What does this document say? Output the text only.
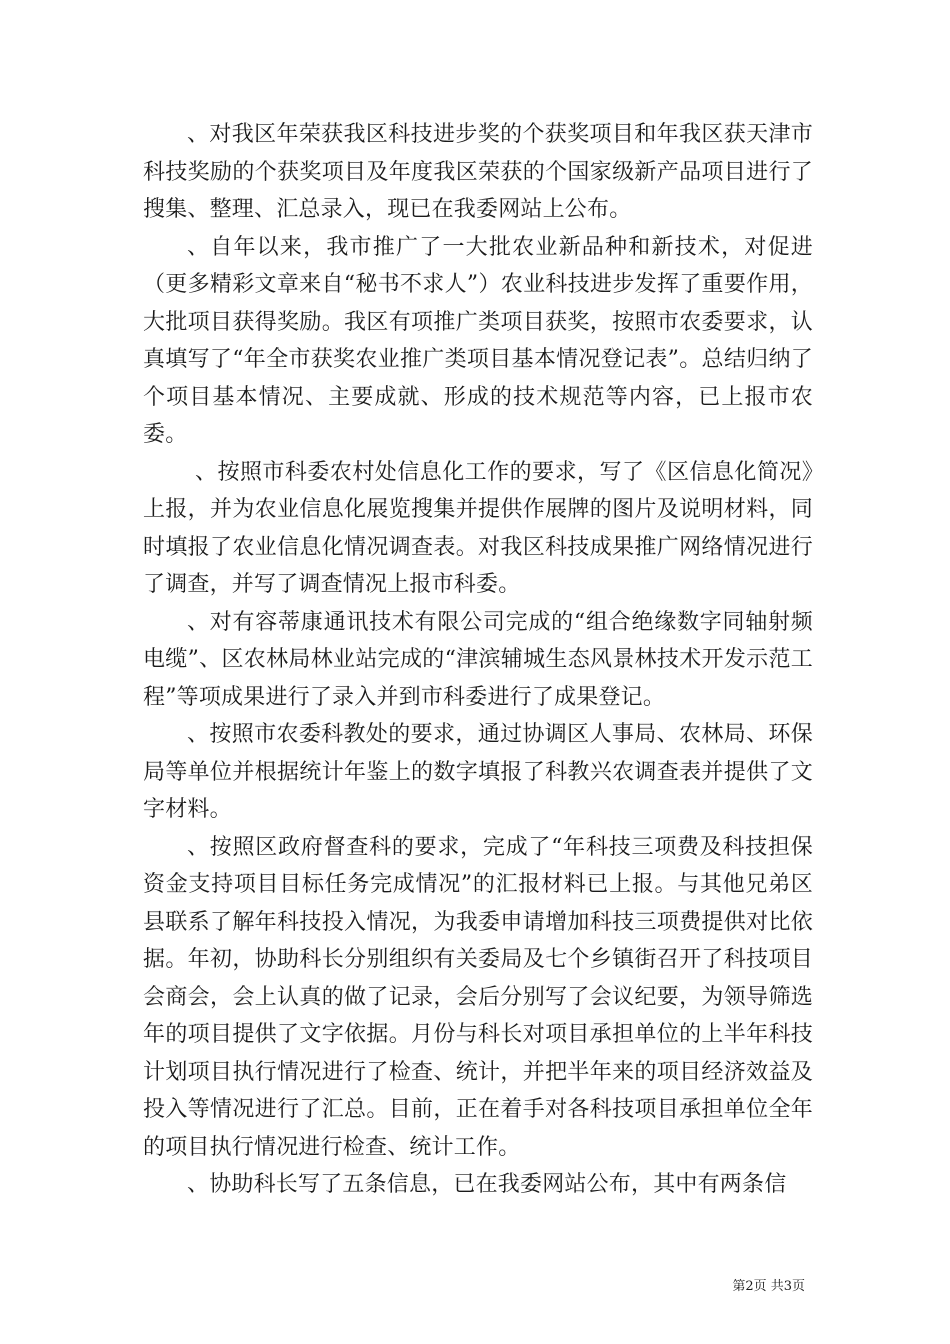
、对我区年荣获我区科技进步奖的个获奖项目和年我区获天津市科技奖励的个获奖项目及年度我区荣获的个国家级新产品项目进行了搜集、整理、汇总录入，现已在我委网站上公布。

、自年以来，我市推广了一大批农业新品种和新技术，对促进（更多精彩文章来自“秘书不求人”）农业科技进步发挥了重要作用，大批项目获得奖励。我区有项推广类项目获奖，按照市农委要求，认真填写了“年全市获奖农业推广类项目基本情况登记表”。总结归纳了个项目基本情况、主要成就、形成的技术规范等内容，已上报市农委。

、按照市科委农村处信息化工作的要求，写了《区信息化简况》上报，并为农业信息化展览搜集并提供作展牌的图片及说明材料，同时填报了农业信息化情况调查表。对我区科技成果推广网络情况进行了调查，并写了调查情况上报市科委。

、对有容蒂康通讯技术有限公司完成的“组合绝缘数字同轴射频电缆”、区农林局林业站完成的“津滨辅城生态风景林技术开发示范工程”等项成果进行了录入并到市科委进行了成果登记。

、按照市农委科教处的要求，通过协调区人事局、农林局、环保局等单位并根据统计年鉴上的数字填报了科教兴农调查表并提供了文字材料。

、按照区政府督查科的要求，完成了“年科技三项费及科技担保资金支持项目目标任务完成情况”的汇报材料已上报。与其他兄弟区县联系了解年科技投入情况，为我委申请增加科技三项费提供对比依据。年初，协助科长分别组织有关委局及七个乡镇街召开了科技项目会商会，会上认真的做了记录，会后分别写了会议纪要，为领导筛选年的项目提供了文字依据。月份与科长对项目承担单位的上半年科技计划项目执行情况进行了检查、统计，并把半年来的项目经济效益及投入等情况进行了汇总。目前，正在着手对各科技项目承担单位全年的项目执行情况进行检查、统计工作。

、协助科长写了五条信息，已在我委网站公布，其中有两条信

第2页 共3页
